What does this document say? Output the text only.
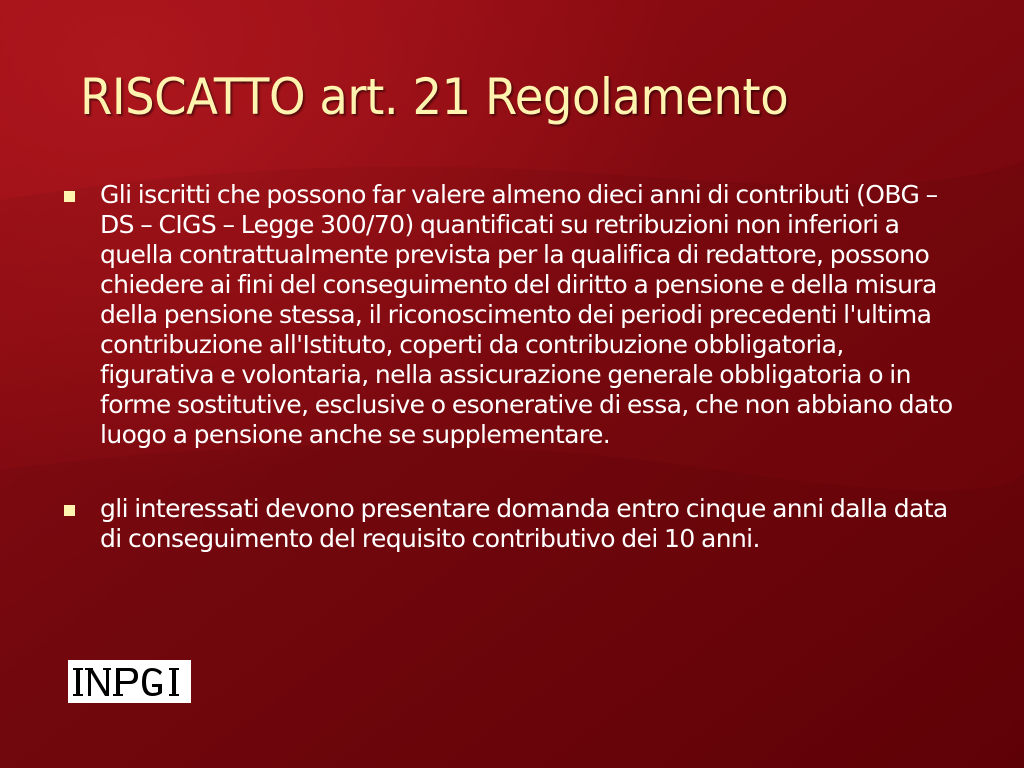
RISCATTO art. 21 Regolamento
Gli iscritti che possono far valere almeno dieci anni di contributi (OBG – DS – CIGS – Legge 300/70) quantificati su retribuzioni non inferiori a quella contrattualmente prevista per la qualifica di redattore, possono chiedere ai fini del conseguimento del diritto a pensione e della misura della pensione stessa, il riconoscimento dei periodi precedenti l'ultima contribuzione all'Istituto, coperti da contribuzione obbligatoria, figurativa e volontaria, nella assicurazione generale obbligatoria o in forme sostitutive, esclusive o esonerative di essa, che non abbiano dato luogo a pensione anche se supplementare.
gli interessati devono presentare domanda entro cinque anni dalla data di conseguimento del requisito contributivo dei 10 anni.
